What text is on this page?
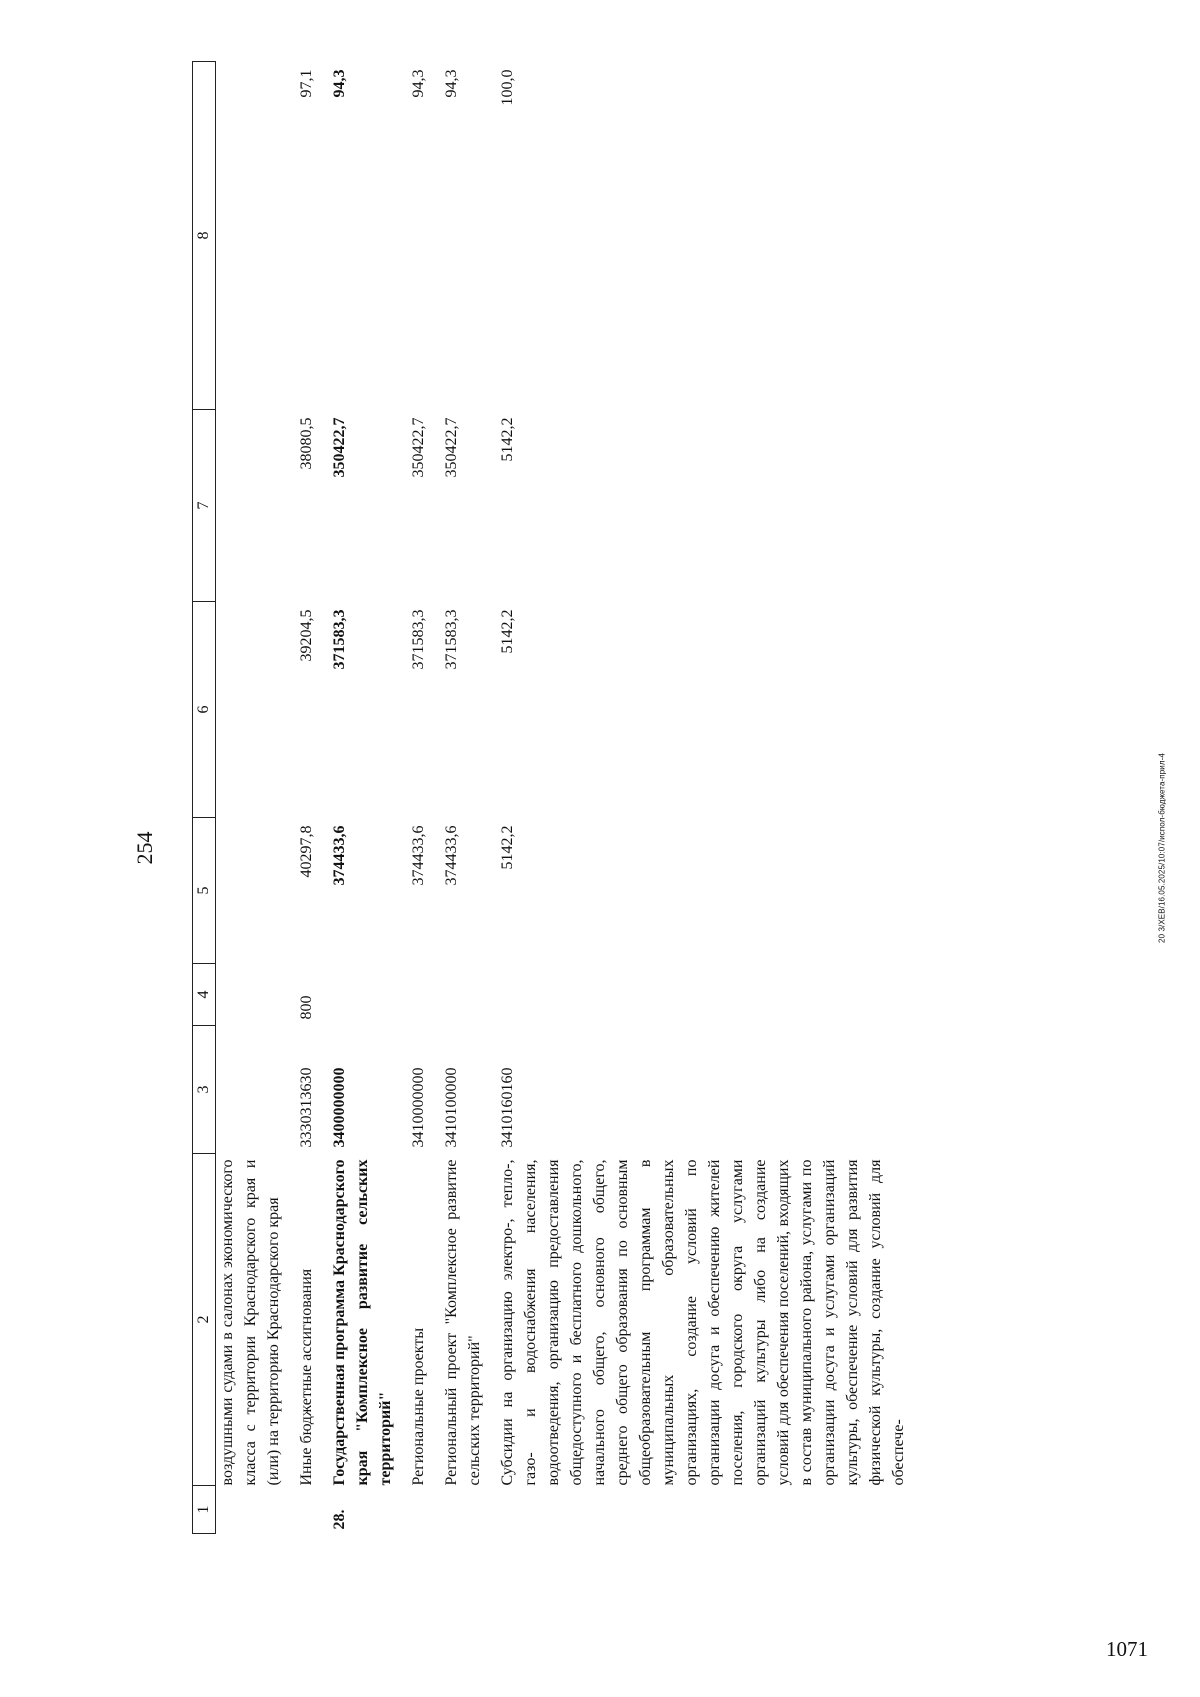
1071
20 3/XEB/16.05.2025/10:07/испол-бюджета-прил-4
254
1	2	3	4	5	6	7	8
	воздушными судами в салонах экономического класса с территории Краснодарского края и (или) на территорию Краснодарского края						
	Иные бюджетные ассигнования	3330313630	800	40297,8	39204,5	38080,5	97,1
28.	Государственная программа Краснодарского края "Комплексное развитие сельских территорий"	3400000000		374433,6	371583,3	350422,7	94,3
	Региональные проекты	3410000000		374433,6	371583,3	350422,7	94,3
	Региональный проект "Комплексное развитие сельских территорий"	3410100000		374433,6	371583,3	350422,7	94,3
	Субсидии на организацию электро-, тепло-, газо- и водоснабжения населения, водоотведения, организацию предоставления общедоступного и бесплатного дошкольного, начального общего, основного общего, среднего общего образования по основным общеобразовательным программам в муниципальных образовательных организациях, создание условий по организации досуга и обеспечению жителей поселения, городского округа услугами организаций культуры либо на создание условий для обеспечения поселений, входящих в состав муниципального района, услугами по организации досуга и услугами организаций культуры, обеспечение условий для развития физической культуры, создание условий для обеспече-	3410160160		5142,2	5142,2	5142,2	100,0
